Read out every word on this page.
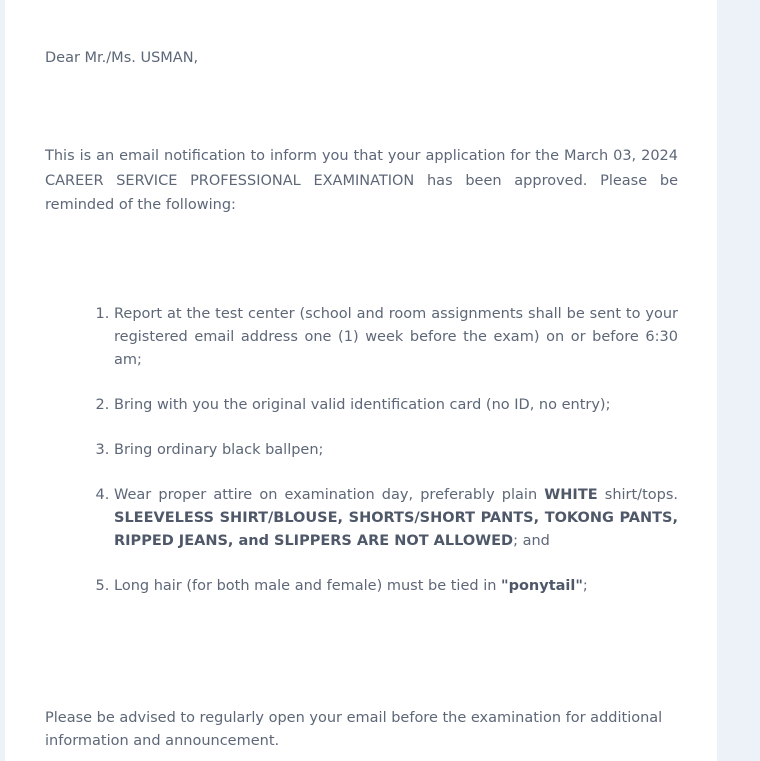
Dear Mr./Ms. USMAN,

This is an email notification to inform you that your application for the March 03, 2024 CAREER SERVICE PROFESSIONAL EXAMINATION has been approved. Please be reminded of the following:

1. Report at the test center (school and room assignments shall be sent to your registered email address one (1) week before the exam) on or before 6:30 am;
2. Bring with you the original valid identification card (no ID, no entry);
3. Bring ordinary black ballpen;
4. Wear proper attire on examination day, preferably plain WHITE shirt/tops. SLEEVELESS SHIRT/BLOUSE, SHORTS/SHORT PANTS, TOKONG PANTS, RIPPED JEANS, and SLIPPERS ARE NOT ALLOWED; and
5. Long hair (for both male and female) must be tied in "ponytail";

Please be advised to regularly open your email before the examination for additional information and announcement.
